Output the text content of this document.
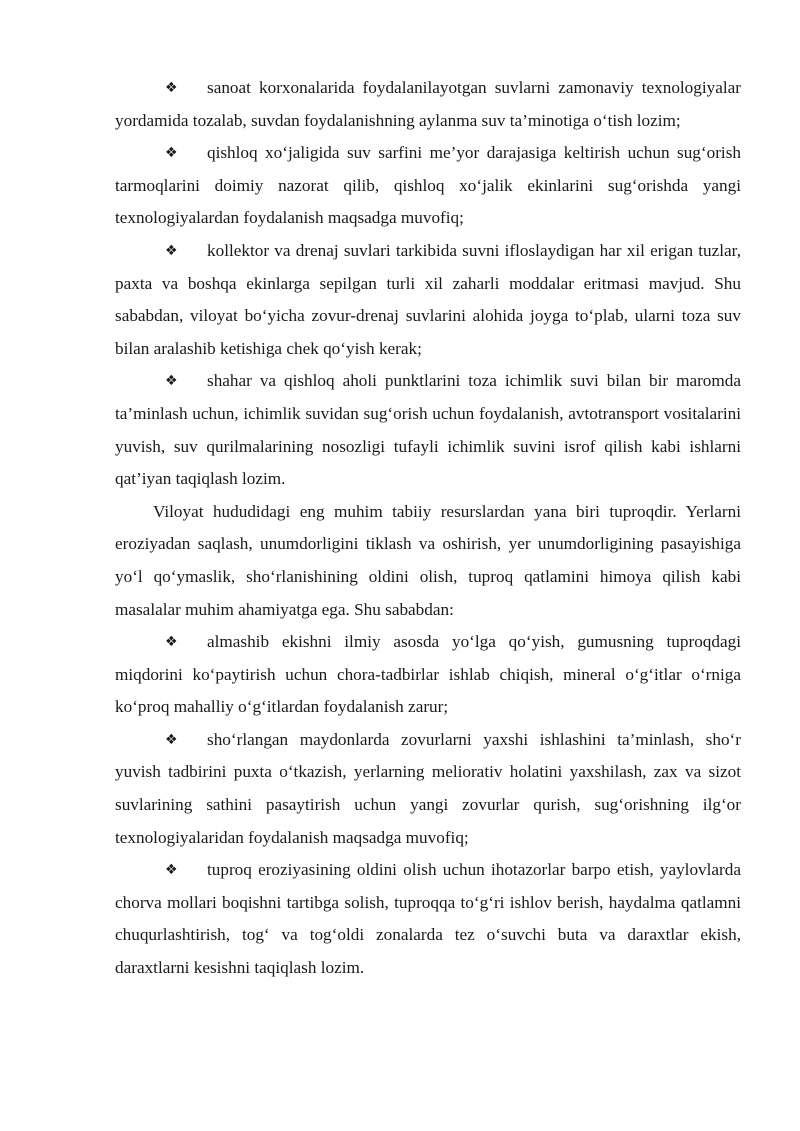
❖ sanoat korxonalarida foydalanilayotgan suvlarni zamonaviy texnologiyalar yordamida tozalab, suvdan foydalanishning aylanma suv ta’minotiga o‘tish lozim;

❖ qishloq xo‘jaligida suv sarfini me’yor darajasiga keltirish uchun sug‘orish tarmoqlarini doimiy nazorat qilib, qishloq xo‘jalik ekinlarini sug‘orishda yangi texnologiyalardan foydalanish maqsadga muvofiq;

❖ kollektor va drenaj suvlari tarkibida suvni ifloslaydigan har xil erigan tuzlar, paxta va boshqa ekinlarga sepilgan turli xil zaharli moddalar eritmasi mavjud. Shu sababdan, viloyat bo‘yicha zovur-drenaj suvlarini alohida joyga to‘plab, ularni toza suv bilan aralashib ketishiga chek qo‘yish kerak;

❖ shahar va qishloq aholi punktlarini toza ichimlik suvi bilan bir maromda ta’minlash uchun, ichimlik suvidan sug‘orish uchun foydalanish, avtotransport vositalarini yuvish, suv qurilmalarining nosozligi tufayli ichimlik suvini isrof qilish kabi ishlarni qat’iyan taqiqlash lozim.

Viloyat hududidagi eng muhim tabiiy resurslardan yana biri tuproqdir. Yerlarni eroziyadan saqlash, unumdorligini tiklash va oshirish, yer unumdorligining pasayishiga yo‘l qo‘ymaslik, sho‘rlanishining oldini olish, tuproq qatlamini himoya qilish kabi masalalar muhim ahamiyatga ega. Shu sababdan:

❖ almashib ekishni ilmiy asosda yo‘lga qo‘yish, gumusning tuproqdagi miqdorini ko‘paytirish uchun chora-tadbirlar ishlab chiqish, mineral o‘g‘itlar o‘rniga ko‘proq mahalliy o‘g‘itlardan foydalanish zarur;

❖ sho‘rlangan maydonlarda zovurlarni yaxshi ishlashini ta’minlash, sho‘r yuvish tadbirini puxta o‘tkazish, yerlarning meliorativ holatini yaxshilash, zax va sizot suvlarining sathini pasaytirish uchun yangi zovurlar qurish, sug‘orishning ilg‘or texnologiyalaridan foydalanish maqsadga muvofiq;

❖ tuproq eroziyasining oldini olish uchun ihotazorlar barpo etish, yaylovlarda chorva mollari boqishni tartibga solish, tuproqqa to‘g‘ri ishlov berish, haydalma qatlamni chuqurlashtirish, tog‘ va tog‘oldi zonalarda tez o‘suvchi buta va daraxtlar ekish, daraxtlarni kesishni taqiqlash lozim.
